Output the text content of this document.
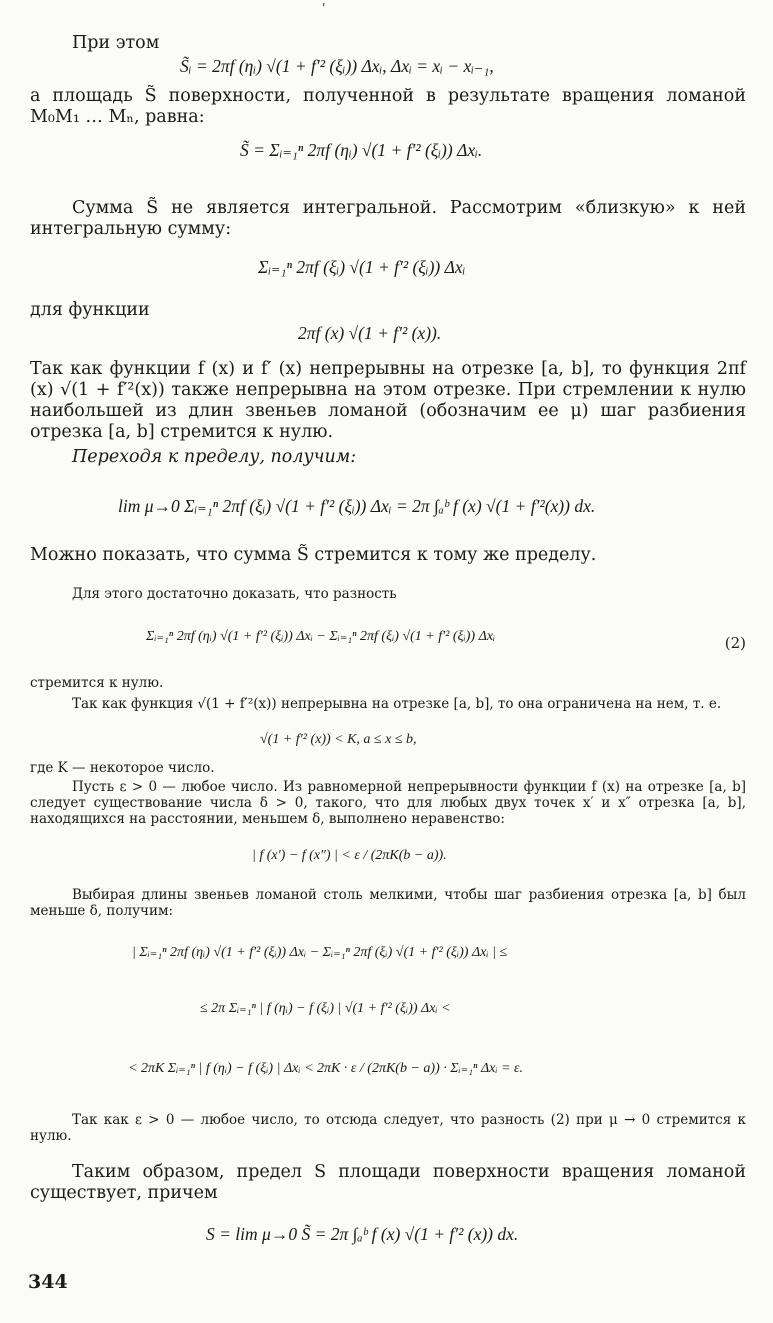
ʹ

При этом

S̃ᵢ = 2πf (ηᵢ) √(1 + f′² (ξᵢ)) Δxᵢ, Δxᵢ = xᵢ − xᵢ₋₁,

а площадь S̃ поверхности, полученной в результате вращения ломаной M₀M₁ … Mₙ, равна:

S̃ = Σᵢ₌₁ⁿ 2πf (ηᵢ) √(1 + f′² (ξᵢ)) Δxᵢ.

Сумма S̃ не является интегральной. Рассмотрим «близкую» к ней интегральную сумму:

Σᵢ₌₁ⁿ 2πf (ξᵢ) √(1 + f′² (ξᵢ)) Δxᵢ

для функции

2πf (x) √(1 + f′² (x)).

Так как функции f (x) и f′ (x) непрерывны на отрезке [a, b], то функция 2πf (x) √(1 + f′²(x)) также непрерывна на этом отрезке. При стремлении к нулю наибольшей из длин звеньев ломаной (обозначим ее μ) шаг разбиения отрезка [a, b] стремится к нулю.

Переходя к пределу, получим:

lim μ→0 Σᵢ₌₁ⁿ 2πf (ξᵢ) √(1 + f′² (ξᵢ)) Δxᵢ = 2π ∫ₐᵇ f (x) √(1 + f′²(x)) dx.

Можно показать, что сумма S̃ стремится к тому же пределу.

Для этого достаточно доказать, что разность

Σᵢ₌₁ⁿ 2πf (ηᵢ) √(1 + f′² (ξᵢ)) Δxᵢ − Σᵢ₌₁ⁿ 2πf (ξᵢ) √(1 + f′² (ξᵢ)) Δxᵢ	(2)

стремится к нулю.

Так как функция √(1 + f′²(x)) непрерывна на отрезке [a, b], то она ограничена на нем, т. е.

√(1 + f′² (x)) < K, a ≤ x ≤ b,

где K — некоторое число.

Пусть ε > 0 — любое число. Из равномерной непрерывности функции f (x) на отрезке [a, b] следует существование числа δ > 0, такого, что для любых двух точек x′ и x″ отрезка [a, b], находящихся на расстоянии, меньшем δ, выполнено неравенство:

| f (x′) − f (x″) | < ε / (2πK(b − a)).

Выбирая длины звеньев ломаной столь мелкими, чтобы шаг разбиения отрезка [a, b] был меньше δ, получим:

| Σᵢ₌₁ⁿ 2πf (ηᵢ) √(1 + f′² (ξᵢ)) Δxᵢ − Σᵢ₌₁ⁿ 2πf (ξᵢ) √(1 + f′² (ξᵢ)) Δxᵢ | ≤
≤ 2π Σᵢ₌₁ⁿ | f (ηᵢ) − f (ξᵢ) | √(1 + f′² (ξᵢ)) Δxᵢ <
< 2πK Σᵢ₌₁ⁿ | f (ηᵢ) − f (ξᵢ) | Δxᵢ < 2πK · ε / (2πK(b − a)) · Σᵢ₌₁ⁿ Δxᵢ = ε.

Так как ε > 0 — любое число, то отсюда следует, что разность (2) при μ → 0 стремится к нулю.

Таким образом, предел S площади поверхности вращения ломаной существует, причем

S = lim μ→0 S̃ = 2π ∫ₐᵇ f (x) √(1 + f′² (x)) dx.
344
